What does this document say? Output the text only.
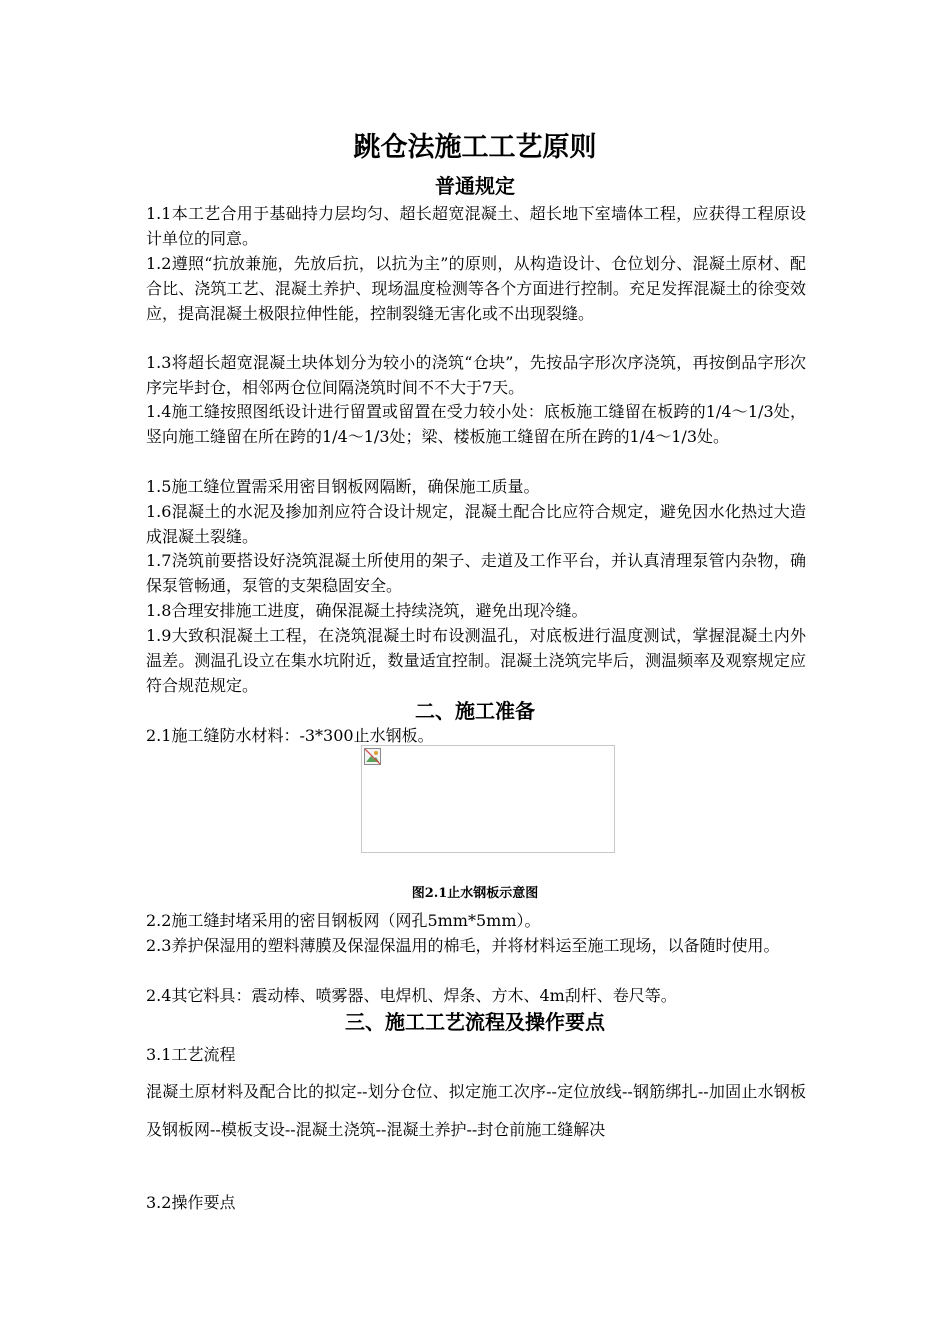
跳仓法施工工艺原则
普通规定

1.1本工艺合用于基础持力层均匀、超长超宽混凝土、超长地下室墙体工程，应获得工程原设计单位的同意。

1.2遵照“抗放兼施，先放后抗，以抗为主”的原则，从构造设计、仓位划分、混凝土原材、配合比、浇筑工艺、混凝土养护、现场温度检测等各个方面进行控制。充足发挥混凝土的徐变效应，提高混凝土极限拉伸性能，控制裂缝无害化或不出现裂缝。

1.3将超长超宽混凝土块体划分为较小的浇筑“仓块”，先按品字形次序浇筑，再按倒品字形次序完毕封仓，相邻两仓位间隔浇筑时间不不大于7天。

1.4施工缝按照图纸设计进行留置或留置在受力较小处：底板施工缝留在板跨的1/4～1/3处，竖向施工缝留在所在跨的1/4～1/3处；梁、楼板施工缝留在所在跨的1/4～1/3处。

1.5施工缝位置需采用密目钢板网隔断，确保施工质量。

1.6混凝土的水泥及掺加剂应符合设计规定，混凝土配合比应符合规定，避免因水化热过大造成混凝土裂缝。

1.7浇筑前要搭设好浇筑混凝土所使用的架子、走道及工作平台，并认真清理泵管内杂物，确保泵管畅通，泵管的支架稳固安全。

1.8合理安排施工进度，确保混凝土持续浇筑，避免出现冷缝。

1.9大致积混凝土工程，在浇筑混凝土时布设测温孔，对底板进行温度测试，掌握混凝土内外温差。测温孔设立在集水坑附近，数量适宜控制。混凝土浇筑完毕后，测温频率及观察规定应符合规范规定。

二、施工准备

2.1施工缝防水材料：-3*300止水钢板。

图2.1止水钢板示意图

2.2施工缝封堵采用的密目钢板网（网孔5mm*5mm）。

2.3养护保湿用的塑料薄膜及保湿保温用的棉毛，并将材料运至施工现场，以备随时使用。

2.4其它料具：震动棒、喷雾器、电焊机、焊条、方木、4m刮杆、卷尺等。

三、施工工艺流程及操作要点

3.1工艺流程

混凝土原材料及配合比的拟定--划分仓位、拟定施工次序--定位放线--钢筋绑扎--加固止水钢板及钢板网--模板支设--混凝土浇筑--混凝土养护--封仓前施工缝解决

3.2操作要点
